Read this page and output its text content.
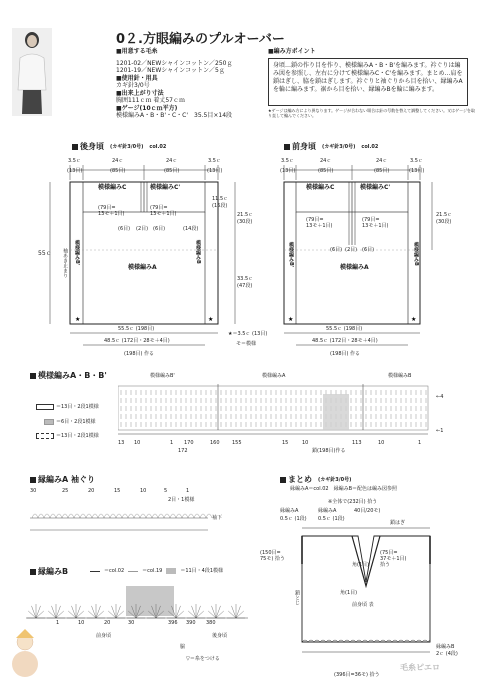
0２.方眼編みのプルオーバー
■用意する毛糸
1201-02／NEWシャインコットン／250ｇ
1201-19／NEWシャインコットン／5ｇ
■使用針・用具
カギ針3/0号
■出来上がり寸法
胸囲111ｃｍ 着丈57ｃｍ
■ゲージ(10ｃｍ平方)
模様編みA・B・B'・C・C'　35.5目×14段
■編み方ポイント
身頃…鎖の作り目を作り、模様編みA・B・B'を編みます。衿ぐりは編み図を参照し、左右に分けて模様編みC・C'を編みます。まとめ…肩を鎖はぎし、脇を鎖はぎします。衿ぐりと袖ぐりから目を拾い、縁編みAを輪に編みます。裾から目を拾い、縁編みBを輪に編みます。
★ゲージは編み方により異なります。ゲージが合わない場合は針の号数を替えて調整してください。又はゲージを取り直して編んでください。
後身頃 (カギ針3/0号) col.02
★	★
3.5ｃ	24ｃ	24ｃ	3.5ｃ
(13目)	(85目)	(85目)	(13目)
模様編みC	模様編みC'
(79目=
13モ＋1目)
(79目=
13モ＋1目)
(6目) (2目) (6目)	(14段)
11.5ｃ
(16段)
21.5ｃ
(30段)
33.5ｃ
(47段)
55ｃ
模様編みA
模様編みB'	模様編みB
袖あき止まり
55.5ｃ (198目)
48.5ｃ (172目・28モ＋4目)
★＝3.5ｃ (13目)
モ＝模様
(198目) 作る
前身頃 (カギ針3/0号) col.02
★	★
3.5ｃ	24ｃ	24ｃ	3.5ｃ
(13目)	(85目)	(85目)	(13目)
模様編みC	模様編みC'
(79目=
13モ＋1目)
(79目=
13モ＋1目)
(6目) (2目) (6目)
21.5ｃ
(30段)
模様編みA
模様編みB'	模様編みB
55.5ｃ (198目)
48.5ｃ (172目・28モ＋4目)
(198目) 作る
模様編みA・B・B'	模様編みB'	模様編みA	模様編みB
＝13目・2段1模様
＝6目・2段1模様
＝13目・2段1模様
←4
←1
13 10	1 170	160 155	15	10	113	10	1
172	鎖(198目)作る
縁編みA 袖ぐり
30	25	20	15	10	5	1
2目・1模様
袖下
縁編みB	＝col.02	＝col.19	＝11目・4段1模様
396 390 380
30
20
10
1
前身頃	後身頃
脇
▽＝糸をつける
まとめ (カギ針3/0号)
縁編みA＝col.02　縁編みB＝配色は編み図参照
※全体で(232目) 拾う
縁編みA
0.5ｃ (1段)
縁編みA
0.5ｃ (1段)
40目/​20モ)
鎖はぎ
(150目=
75モ) 拾う
(75目=
37モ＋1目)
拾う
角(1目)
角(1目)
鎖とじ	前身頃 表
縁編みB
2ｃ (4段)
(396目=36モ) 拾う
毛糸ピエロ
